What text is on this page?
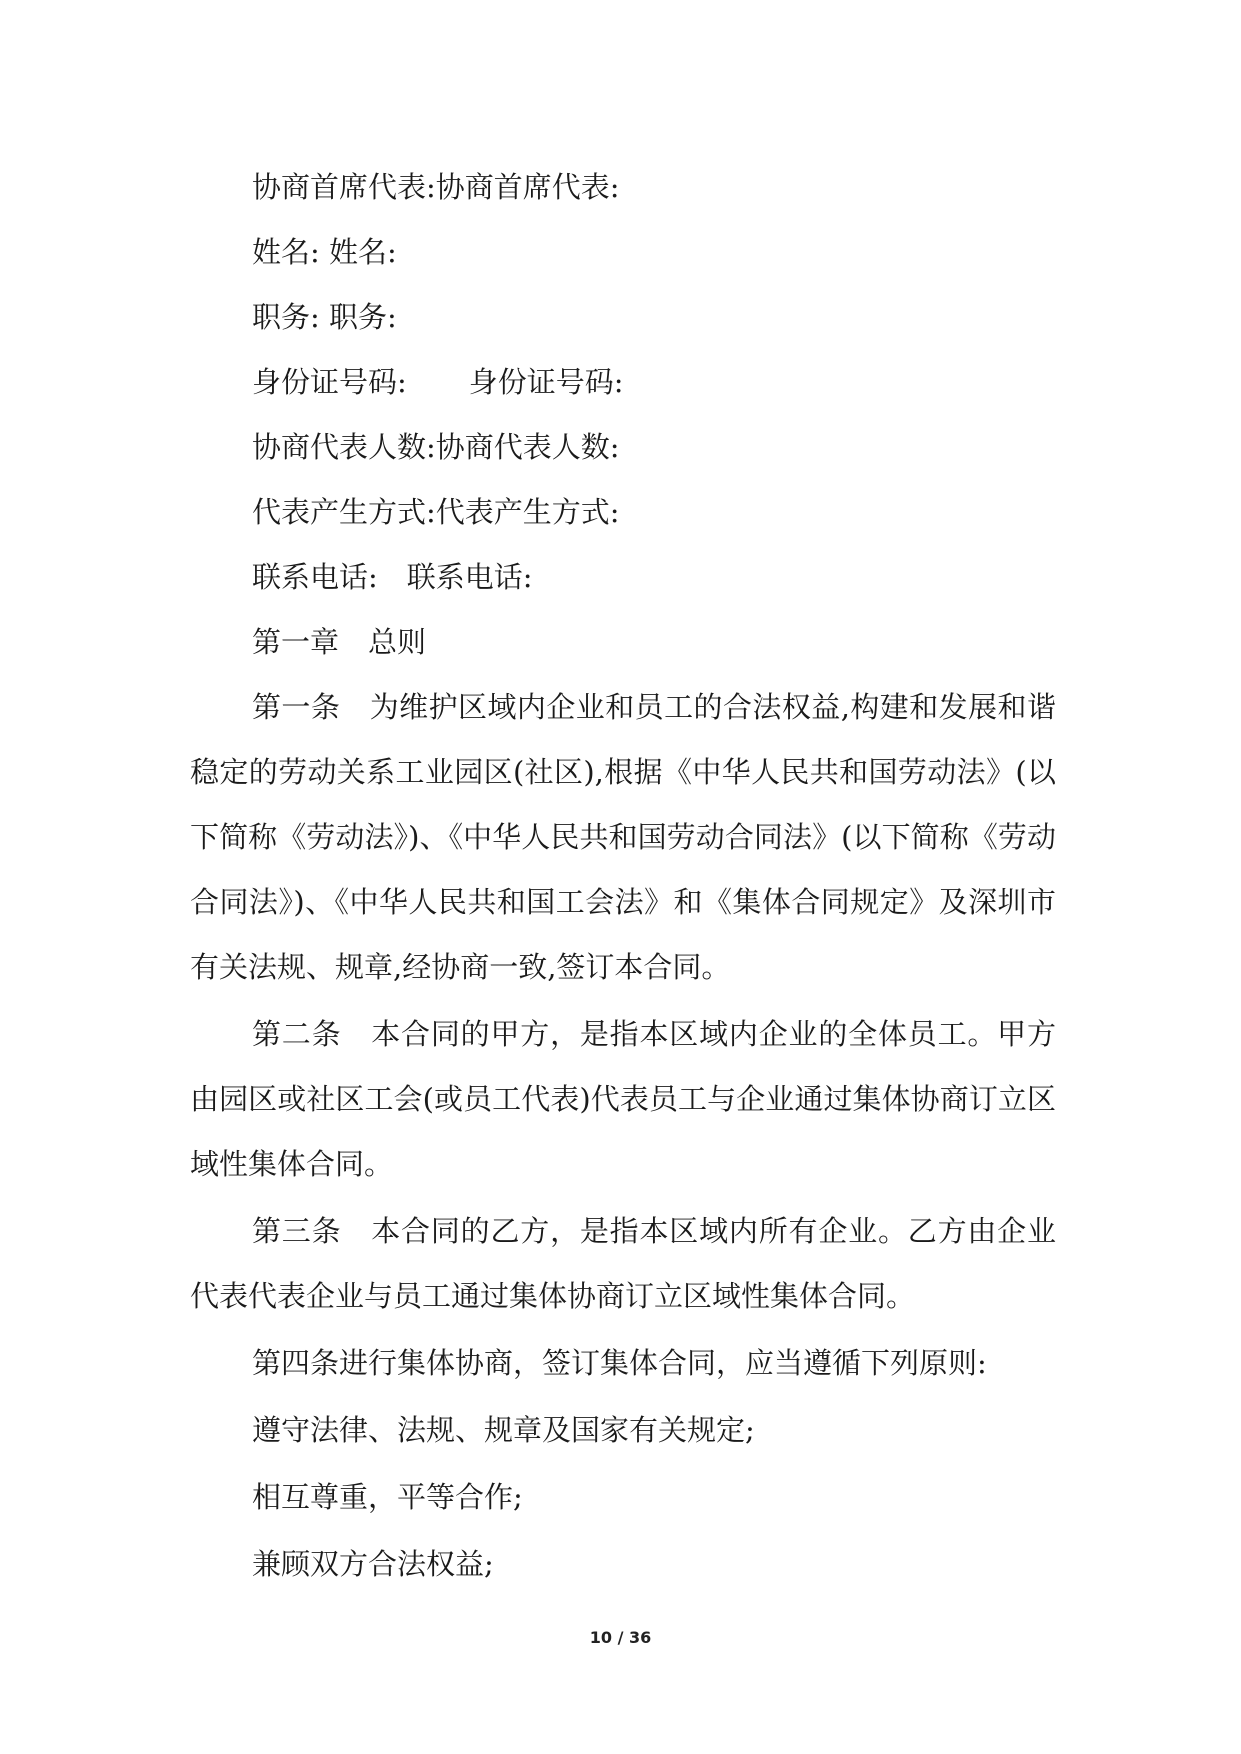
协商首席代表:协商首席代表:
姓名: 姓名:
职务: 职务:
身份证号码: 身份证号码:
协商代表人数:协商代表人数:
代表产生方式:代表产生方式:
联系电话: 联系电话:
第一章　总则

第一条　为维护区域内企业和员工的合法权益,构建和发展和谐稳定的劳动关系工业园区(社区),根据《中华人民共和国劳动法》(以下简称《劳动法》)、《中华人民共和国劳动合同法》(以下简称《劳动合同法》)、《中华人民共和国工会法》和《集体合同规定》及深圳市有关法规、规章,经协商一致,签订本合同。

第二条　本合同的甲方，是指本区域内企业的全体员工。甲方由园区或社区工会(或员工代表)代表员工与企业通过集体协商订立区域性集体合同。

第三条　本合同的乙方，是指本区域内所有企业。乙方由企业代表代表企业与员工通过集体协商订立区域性集体合同。

第四条进行集体协商，签订集体合同，应当遵循下列原则:

遵守法律、法规、规章及国家有关规定;

相互尊重，平等合作;

兼顾双方合法权益;

10 / 36
